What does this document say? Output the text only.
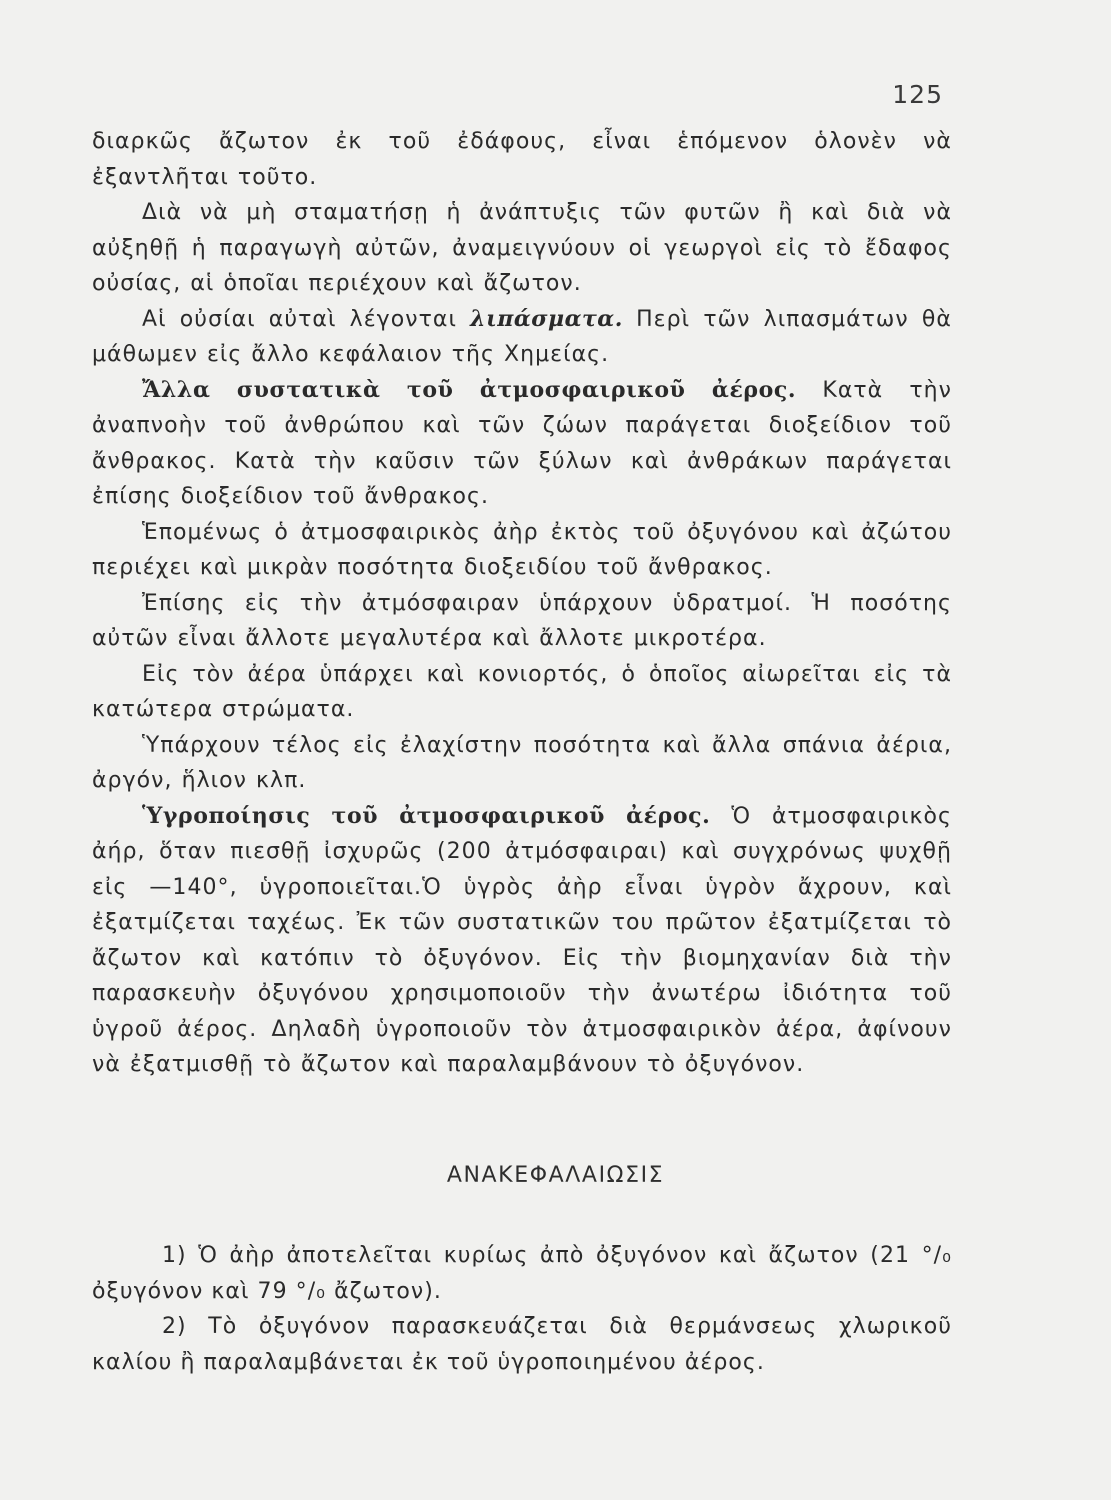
125

διαρκῶς ἄζωτον ἐκ τοῦ ἐδάφους, εἶναι ἑπόμενον ὁλονὲν νὰ ἐξαντλῆται τοῦτο.

Διὰ νὰ μὴ σταματήσῃ ἡ ἀνάπτυξις τῶν φυτῶν ἢ καὶ διὰ νὰ αὐξηθῇ ἡ παραγωγὴ αὐτῶν, ἀναμειγνύουν οἱ γεωργοὶ εἰς τὸ ἔδαφος οὐσίας, αἱ ὁποῖαι περιέχουν καὶ ἄζωτον.

Αἱ οὐσίαι αὐταὶ λέγονται λιπάσματα. Περὶ τῶν λιπασμάτων θὰ μάθωμεν εἰς ἄλλο κεφάλαιον τῆς Χημείας.

Ἄλλα συστατικὰ τοῦ ἀτμοσφαιρικοῦ ἀέρος. Κατὰ τὴν ἀναπνοὴν τοῦ ἀνθρώπου καὶ τῶν ζώων παράγεται διοξείδιον τοῦ ἄνθρακος. Κατὰ τὴν καῦσιν τῶν ξύλων καὶ ἀνθράκων παράγεται ἐπίσης διοξείδιον τοῦ ἄνθρακος.

Ἑπομένως ὁ ἀτμοσφαιρικὸς ἀὴρ ἐκτὸς τοῦ ὀξυγόνου καὶ ἀζώτου περιέχει καὶ μικρὰν ποσότητα διοξειδίου τοῦ ἄνθρακος.

Ἐπίσης εἰς τὴν ἀτμόσφαιραν ὑπάρχουν ὑδρατμοί. Ἡ ποσότης αὐτῶν εἶναι ἄλλοτε μεγαλυτέρα καὶ ἄλλοτε μικροτέρα.

Εἰς τὸν ἀέρα ὑπάρχει καὶ κονιορτός, ὁ ὁποῖος αἰωρεῖται εἰς τὰ κατώτερα στρώματα.

Ὑπάρχουν τέλος εἰς ἐλαχίστην ποσότητα καὶ ἄλλα σπάνια ἀέρια, ἀργόν, ἥλιον κλπ.

Ὑγροποίησις τοῦ ἀτμοσφαιρικοῦ ἀέρος. Ὁ ἀτμοσφαιρικὸς ἀήρ, ὅταν πιεσθῇ ἰσχυρῶς (200 ἀτμόσφαιραι) καὶ συγχρόνως ψυχθῇ εἰς —140°, ὑγροποιεῖται.Ὁ ὑγρὸς ἀὴρ εἶναι ὑγρὸν ἄχρουν, καὶ ἐξατμίζεται ταχέως. Ἐκ τῶν συστατικῶν του πρῶτον ἐξατμίζεται τὸ ἄζωτον καὶ κατόπιν τὸ ὀξυγόνον. Εἰς τὴν βιομηχανίαν διὰ τὴν παρασκευὴν ὀξυγόνου χρησιμοποιοῦν τὴν ἀνωτέρω ἰδιότητα τοῦ ὑγροῦ ἀέρος. Δηλαδὴ ὑγροποιοῦν τὸν ἀτμοσφαιρικὸν ἀέρα, ἀφίνουν νὰ ἐξατμισθῇ τὸ ἄζωτον καὶ παραλαμβάνουν τὸ ὀξυγόνον.

ΑΝΑΚΕΦΑΛΑΙΩΣΙΣ

1) Ὁ ἀὴρ ἀποτελεῖται κυρίως ἀπὸ ὀξυγόνον καὶ ἄζωτον (21 °/₀ ὀξυγόνον καὶ 79 °/₀ ἄζωτον).

2) Τὸ ὀξυγόνον παρασκευάζεται διὰ θερμάνσεως χλωρικοῦ καλίου ἢ παραλαμβάνεται ἐκ τοῦ ὑγροποιημένου ἀέρος.
